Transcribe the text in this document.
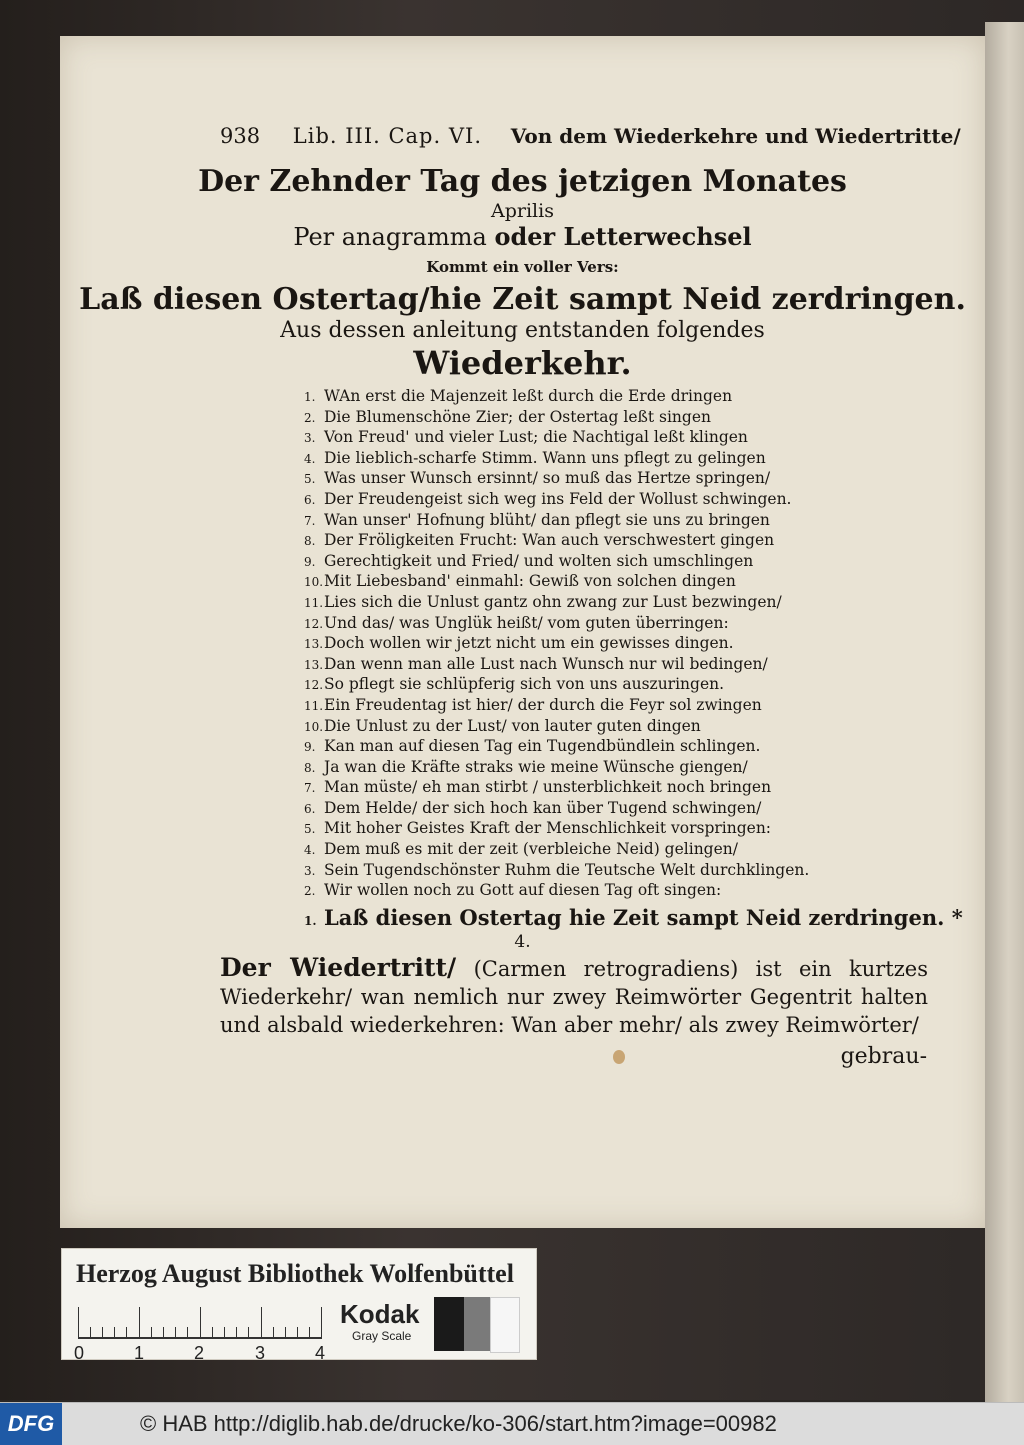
938 Lib. III. Cap. VI. Von dem Wiederkehre und Wiedertritte/
Der Zehnder Tag des jetzigen Monates
Aprilis
Per anagramma oder Letterwechsel
Kommt ein voller Vers:
Laß diesen Ostertag/hie Zeit sampt Neid zerdringen.
Aus dessen anleitung entstanden folgendes
Wiederkehr.
1. WAn erst die Majenzeit leßt durch die Erde dringen
2. Die Blumenschöne Zier; der Ostertag leßt singen
3. Von Freud' und vieler Lust; die Nachtigal leßt klingen
4. Die lieblich-scharfe Stimm. Wann uns pflegt zu gelingen
5. Was unser Wunsch ersinnt/ so muß das Hertze springen/
6. Der Freudengeist sich weg ins Feld der Wollust schwingen.
7. Wan unser' Hofnung blüht/ dan pflegt sie uns zu bringen
8. Der Fröligkeiten Frucht: Wan auch verschwestert gingen
9. Gerechtigkeit und Fried/ und wolten sich umschlingen
10.Mit Liebesband' einmahl: Gewiß von solchen dingen
11.Lies sich die Unlust gantz ohn zwang zur Lust bezwingen/
12.Und das/ was Unglük heißt/ vom guten überringen:
13.Doch wollen wir jetzt nicht um ein gewisses dingen.
13.Dan wenn man alle Lust nach Wunsch nur wil bedingen/
12.So pflegt sie schlüpferig sich von uns auszuringen.
11.Ein Freudentag ist hier/ der durch die Feyr sol zwingen
10.Die Unlust zu der Lust/ von lauter guten dingen
9. Kan man auf diesen Tag ein Tugendbündlein schlingen.
8. Ja wan die Kräfte straks wie meine Wünsche giengen/
7. Man müste/ eh man stirbt / unsterblichkeit noch bringen
6. Dem Helde/ der sich hoch kan über Tugend schwingen/
5. Mit hoher Geistes Kraft der Menschlichkeit vorspringen:
4. Dem muß es mit der zeit (verbleiche Neid) gelingen/
3. Sein Tugendschönster Ruhm die Teutsche Welt durchklingen.
2. Wir wollen noch zu Gott auf diesen Tag oft singen:
1. Laß diesen Ostertag hie Zeit sampt Neid zerdringen. *
4.
Der Wiedertritt/ (Carmen retrogradiens) ist ein kurtzes Wiederkehr/ wan nemlich nur zwey Reimwörter Gegentrit halten und alsbald wiederkehren: Wan aber mehr/ als zwey Reimwörter/
gebrau-
Herzog August Bibliothek Wolfenbüttel
0	1	2	3	4
Kodak
Gray Scale
DFG	© HAB http://diglib.hab.de/drucke/ko-306/start.htm?image=00982
